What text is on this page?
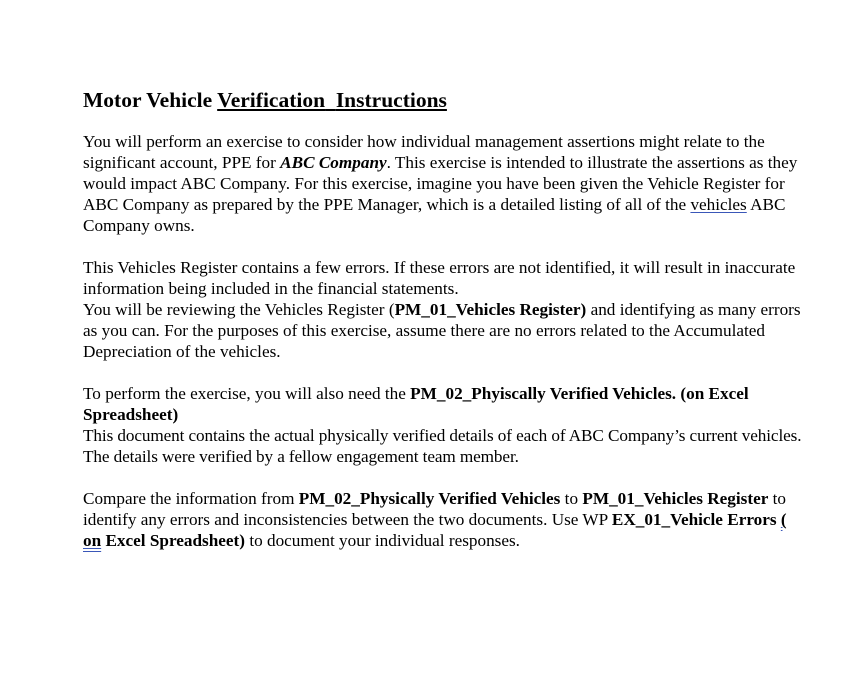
Motor Vehicle Verification Instructions

You will perform an exercise to consider how individual management assertions might relate to the significant account, PPE for ABC Company. This exercise is intended to illustrate the assertions as they would impact ABC Company. For this exercise, imagine you have been given the Vehicle Register for ABC Company as prepared by the PPE Manager, which is a detailed listing of all of the vehicles ABC Company owns.

This Vehicles Register contains a few errors. If these errors are not identified, it will result in inaccurate information being included in the financial statements.

You will be reviewing the Vehicles Register (PM_01_Vehicles Register) and identifying as many errors as you can. For the purposes of this exercise, assume there are no errors related to the Accumulated Depreciation of the vehicles.

To perform the exercise, you will also need the PM_02_Phyiscally Verified Vehicles. (on Excel Spreadsheet)

This document contains the actual physically verified details of each of ABC Company’s current vehicles. The details were verified by a fellow engagement team member.

Compare the information from PM_02_Physically Verified Vehicles to PM_01_Vehicles Register to identify any errors and inconsistencies between the two documents. Use WP EX_01_Vehicle Errors ( on Excel Spreadsheet) to document your individual responses.
